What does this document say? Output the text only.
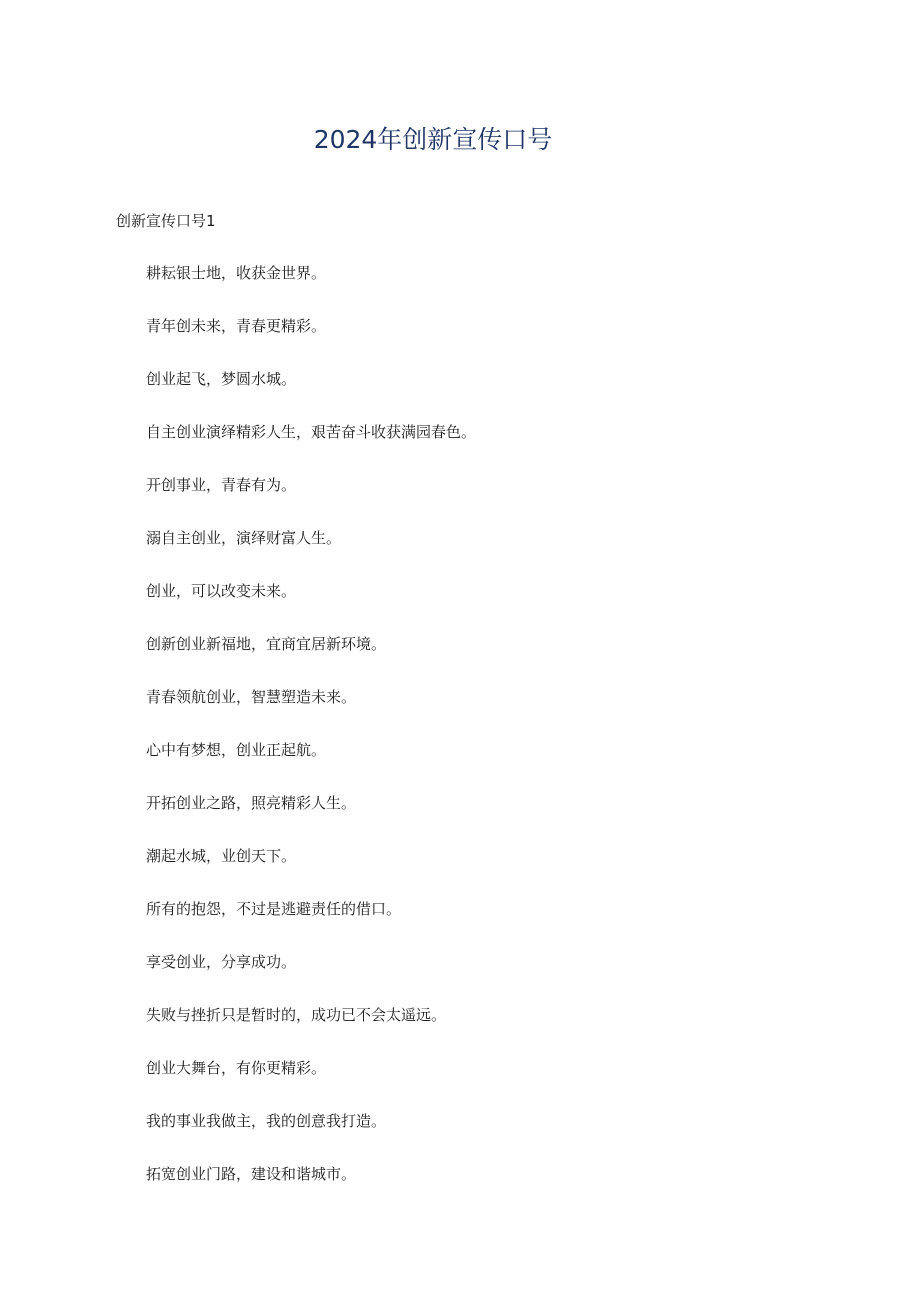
2024年创新宣传口号

创新宣传口号1

耕耘银士地，收获金世界。
青年创未来，青春更精彩。
创业起飞，梦圆水城。
自主创业演绎精彩人生，艰苦奋斗收获满园春色。
开创事业，青春有为。
溺自主创业，演绎财富人生。
创业，可以改变未来。
创新创业新福地，宜商宜居新环境。
青春领航创业，智慧塑造未来。
心中有梦想，创业正起航。
开拓创业之路，照亮精彩人生。
潮起水城，业创天下。
所有的抱怨，不过是逃避责任的借口。
享受创业，分享成功。
失败与挫折只是暂时的，成功已不会太遥远。
创业大舞台，有你更精彩。
我的事业我做主，我的创意我打造。
拓宽创业门路，建设和谐城市。
